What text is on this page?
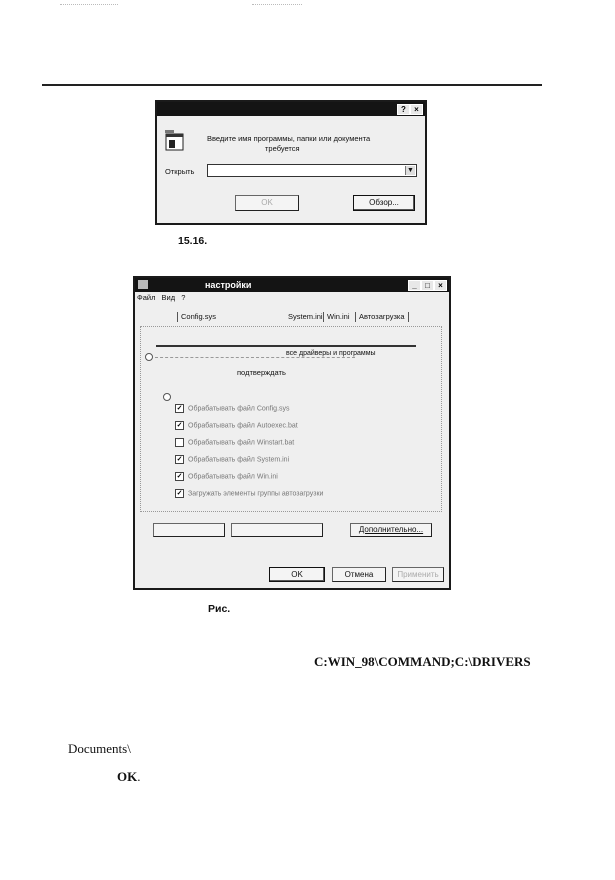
?	×
Введите имя программы, папки или документа
требуется
Открыть	▼
OK	Обзор...
15.16.
настройки	_	□	×
Файл Вид ?
Config.sys	System.ini Win.ini	Автозагрузка
все драйверы и программы
подтверждать
✓ Обрабатывать файл Config.sys
✓ Обрабатывать файл Autoexec.bat
Обрабатывать файл Winstart.bat
✓ Обрабатывать файл System.ini
✓ Обрабатывать файл Win.ini
✓ Загружать элементы группы автозагрузки
Дополнительно...
OK	Отмена	Применить
Рис.
C:WIN_98\COMMAND;C:\DRIVERS
Documents\
OK.
